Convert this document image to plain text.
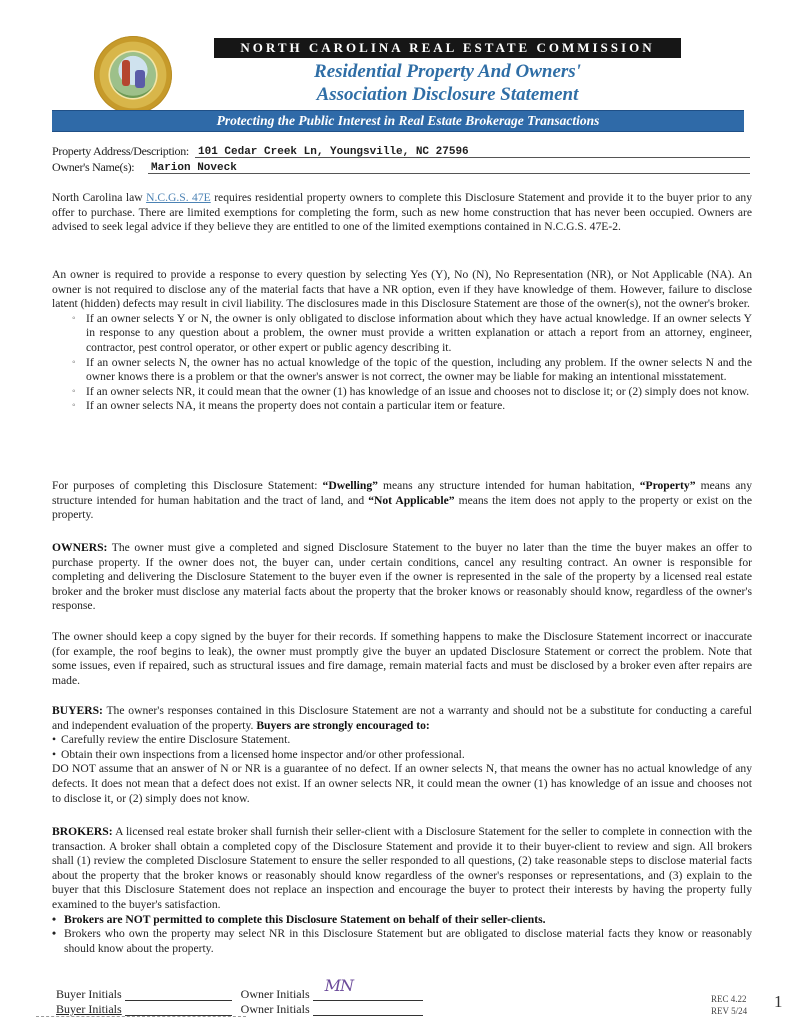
NORTH CAROLINA REAL ESTATE COMMISSION
Residential Property And Owners'
Association Disclosure Statement
Protecting the Public Interest in Real Estate Brokerage Transactions
Property Address/Description: 101 Cedar Creek Ln, Youngsville, NC 27596
Owner's Name(s): Marion Noveck
North Carolina law N.C.G.S. 47E requires residential property owners to complete this Disclosure Statement and provide it to the buyer prior to any offer to purchase. There are limited exemptions for completing the form, such as new home construction that has never been occupied. Owners are advised to seek legal advice if they believe they are entitled to one of the limited exemptions contained in N.C.G.S. 47E-2.
An owner is required to provide a response to every question by selecting Yes (Y), No (N), No Representation (NR), or Not Applicable (NA). An owner is not required to disclose any of the material facts that have a NR option, even if they have knowledge of them. However, failure to disclose latent (hidden) defects may result in civil liability. The disclosures made in this Disclosure Statement are those of the owner(s), not the owner's broker.
◦ If an owner selects Y or N, the owner is only obligated to disclose information about which they have actual knowledge. If an owner selects Y in response to any question about a problem, the owner must provide a written explanation or attach a report from an attorney, engineer, contractor, pest control operator, or other expert or public agency describing it.
◦ If an owner selects N, the owner has no actual knowledge of the topic of the question, including any problem. If the owner selects N and the owner knows there is a problem or that the owner's answer is not correct, the owner may be liable for making an intentional misstatement.
◦ If an owner selects NR, it could mean that the owner (1) has knowledge of an issue and chooses not to disclose it; or (2) simply does not know.
◦ If an owner selects NA, it means the property does not contain a particular item or feature.
For purposes of completing this Disclosure Statement: “Dwelling” means any structure intended for human habitation, “Property” means any structure intended for human habitation and the tract of land, and “Not Applicable” means the item does not apply to the property or exist on the property.
OWNERS: The owner must give a completed and signed Disclosure Statement to the buyer no later than the time the buyer makes an offer to purchase property. If the owner does not, the buyer can, under certain conditions, cancel any resulting contract. An owner is responsible for completing and delivering the Disclosure Statement to the buyer even if the owner is represented in the sale of the property by a licensed real estate broker and the broker must disclose any material facts about the property that the broker knows or reasonably should know, regardless of the owner's response.
The owner should keep a copy signed by the buyer for their records. If something happens to make the Disclosure Statement incorrect or inaccurate (for example, the roof begins to leak), the owner must promptly give the buyer an updated Disclosure Statement or correct the problem. Note that some issues, even if repaired, such as structural issues and fire damage, remain material facts and must be disclosed by a broker even after repairs are made.
BUYERS: The owner's responses contained in this Disclosure Statement are not a warranty and should not be a substitute for conducting a careful and independent evaluation of the property. Buyers are strongly encouraged to:
• Carefully review the entire Disclosure Statement.
• Obtain their own inspections from a licensed home inspector and/or other professional.
DO NOT assume that an answer of N or NR is a guarantee of no defect. If an owner selects N, that means the owner has no actual knowledge of any defects. It does not mean that a defect does not exist. If an owner selects NR, it could mean the owner (1) has knowledge of an issue and chooses not to disclose it, or (2) simply does not know.
BROKERS: A licensed real estate broker shall furnish their seller-client with a Disclosure Statement for the seller to complete in connection with the transaction. A broker shall obtain a completed copy of the Disclosure Statement and provide it to their buyer-client to review and sign. All brokers shall (1) review the completed Disclosure Statement to ensure the seller responded to all questions, (2) take reasonable steps to disclose material facts about the property that the broker knows or reasonably should know regardless of the owner's responses or representations, and (3) explain to the buyer that this Disclosure Statement does not replace an inspection and encourage the buyer to protect their interests by having the property fully examined to the buyer's satisfaction.
• Brokers are NOT permitted to complete this Disclosure Statement on behalf of their seller-clients.
• Brokers who own the property may select NR in this Disclosure Statement but are obligated to disclose material facts they know or reasonably should know about the property.
Buyer Initials	Owner Initials MN
Buyer Initials	Owner Initials
REC 4.22
REV 5/24 1
